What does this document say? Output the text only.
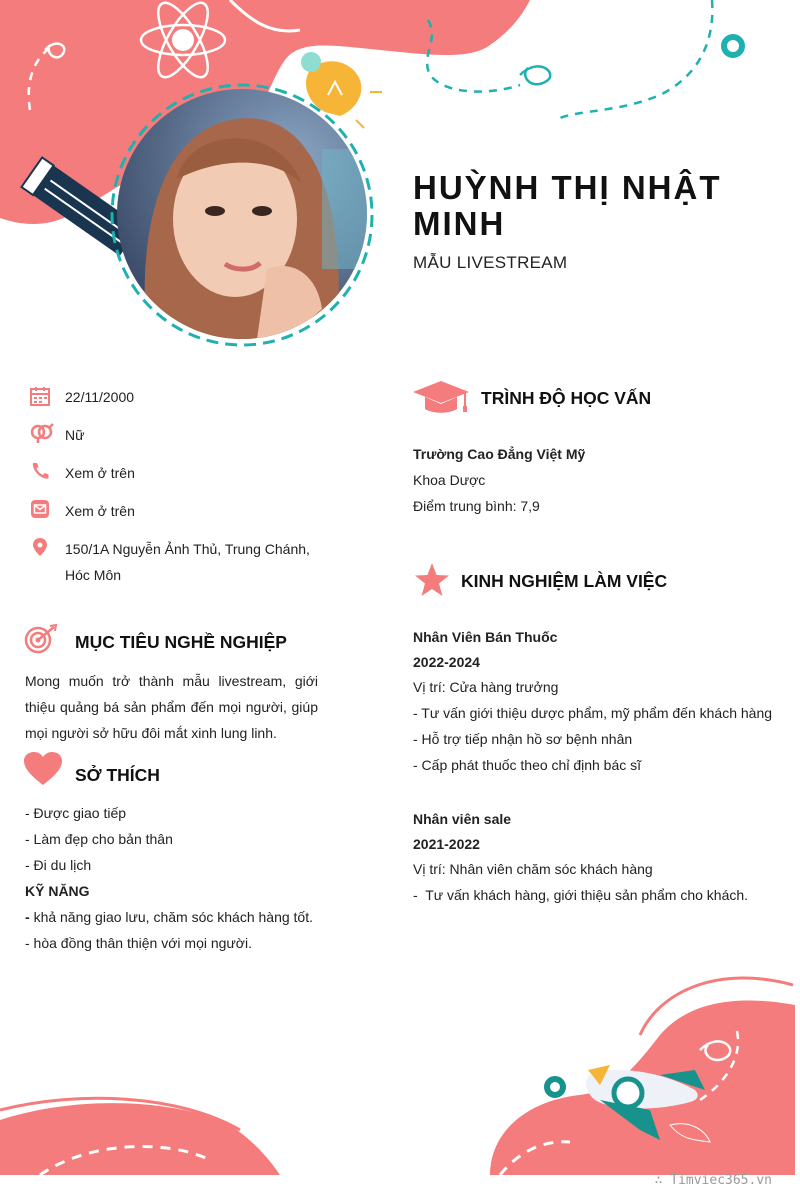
HUỲNH THỊ NHẬT MINH
MẪU LIVESTREAM
22/11/2000
Nữ
Xem ở trên
Xem ở trên
150/1A Nguyễn Ảnh Thủ, Trung Chánh, Hóc Môn
MỤC TIÊU NGHỀ NGHIỆP
Mong muốn trở thành mẫu livestream, giới thiệu quảng bá sản phẩm đến mọi người, giúp mọi người sở hữu đôi mắt xinh lung linh.
SỞ THÍCH
- Được giao tiếp
- Làm đẹp cho bản thân
- Đi du lịch
KỸ NĂNG
- khả năng giao lưu, chăm sóc khách hàng tốt.
- hòa đồng thân thiện với mọi người.
TRÌNH ĐỘ HỌC VẤN
Trường Cao Đẳng Việt Mỹ
Khoa Dược
Điểm trung bình: 7,9
KINH NGHIỆM LÀM VIỆC
Nhân Viên Bán Thuốc
2022-2024
Vị trí: Cửa hàng trưởng
- Tư vấn giới thiệu dược phẩm, mỹ phẩm đến khách hàng
- Hỗ trợ tiếp nhận hồ sơ bệnh nhân
- Cấp phát thuốc theo chỉ định bác sĩ
Nhân viên sale
2021-2022
Vị trí: Nhân viên chăm sóc khách hàng
-  Tư vấn khách hàng, giới thiệu sản phẩm cho khách.
∴ Timviec365.vn
